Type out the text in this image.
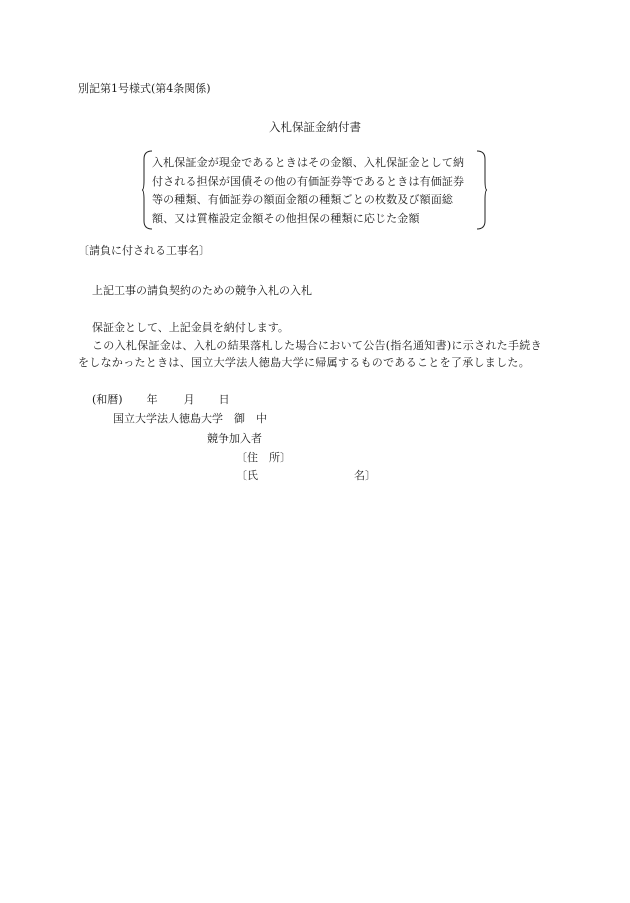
別記第1号様式(第4条関係)
入札保証金納付書
入札保証金が現金であるときはその金額、入札保証金として納
付される担保が国債その他の有価証券等であるときは有価証券
等の種類、有価証券の額面金額の種類ごとの枚数及び額面総
額、又は質権設定金額その他担保の種類に応じた金額
〔請負に付される工事名〕
上記工事の請負契約のための競争入札の入札
保証金として、上記金員を納付します。
この入札保証金は、入札の結果落札した場合において公告(指名通知書)に示された手続きをしなかったときは、国立大学法人徳島大学に帰属するものであることを了承しました。
(和暦) 年 月 日
国立大学法人徳島大学　御　中
競争加入者
〔住　所〕
〔氏	名〕
